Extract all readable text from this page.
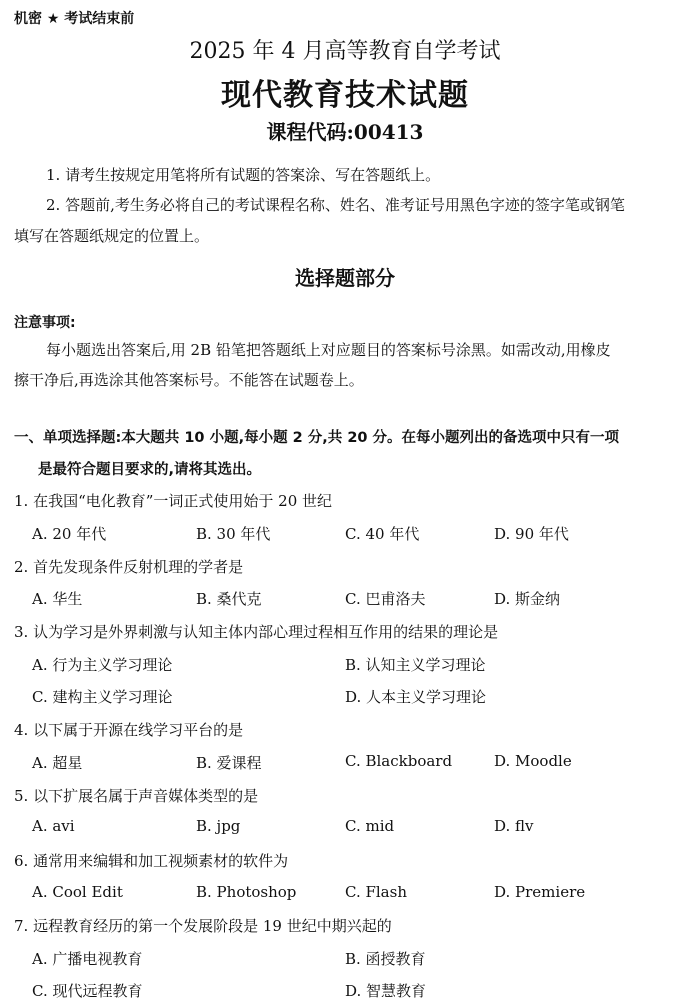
机密 ★ 考试结束前
2025 年 4 月高等教育自学考试
现代教育技术试题
课程代码:00413
1. 请考生按规定用笔将所有试题的答案涂、写在答题纸上。
2. 答题前,考生务必将自己的考试课程名称、姓名、准考证号用黑色字迹的签字笔或钢笔
填写在答题纸规定的位置上。
选择题部分
注意事项:
每小题选出答案后,用 2B 铅笔把答题纸上对应题目的答案标号涂黑。如需改动,用橡皮
擦干净后,再选涂其他答案标号。不能答在试题卷上。
一、单项选择题:本大题共 10 小题,每小题 2 分,共 20 分。在每小题列出的备选项中只有一项
是最符合题目要求的,请将其选出。
1. 在我国“电化教育”一词正式使用始于 20 世纪
A. 20 年代	B. 30 年代	C. 40 年代	D. 90 年代
2. 首先发现条件反射机理的学者是
A. 华生	B. 桑代克	C. 巴甫洛夫	D. 斯金纳
3. 认为学习是外界刺激与认知主体内部心理过程相互作用的结果的理论是
A. 行为主义学习理论	B. 认知主义学习理论
C. 建构主义学习理论	D. 人本主义学习理论
4. 以下属于开源在线学习平台的是
A. 超星	B. 爱课程	C. Blackboard	D. Moodle
5. 以下扩展名属于声音媒体类型的是
A. avi	B. jpg	C. mid	D. flv
6. 通常用来编辑和加工视频素材的软件为
A. Cool Edit	B. Photoshop	C. Flash	D. Premiere
7. 远程教育经历的第一个发展阶段是 19 世纪中期兴起的
A. 广播电视教育	B. 函授教育
C. 现代远程教育	D. 智慧教育
